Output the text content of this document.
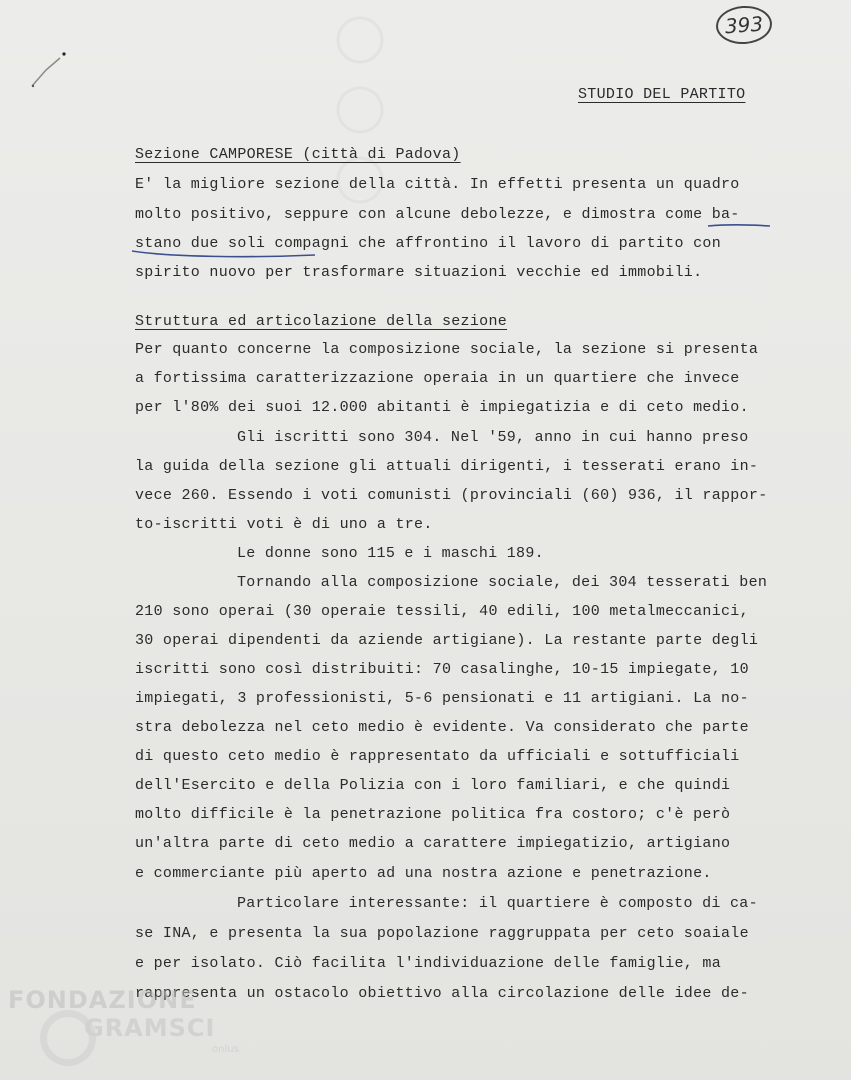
393
STUDIO DEL PARTITO
Sezione CAMPORESE (città di Padova)
E' la migliore sezione della città. In effetti presenta un quadro
molto positivo, seppure con alcune debolezze, e dimostra come ba-
stano due soli compagni che affrontino il lavoro di partito con
spirito nuovo per trasformare situazioni vecchie ed immobili.
Struttura ed articolazione della sezione
Per quanto concerne la composizione sociale, la sezione si presenta
a fortissima caratterizzazione operaia in un quartiere che invece
per l'80% dei suoi 12.000 abitanti è impiegatizia e di ceto medio.
Gli iscritti sono 304. Nel '59, anno in cui hanno preso
la guida della sezione gli attuali dirigenti, i tesserati erano in-
vece 260. Essendo i voti comunisti (provinciali (60) 936, il rappor-
to-iscritti voti è di uno a tre.
Le donne sono 115 e i maschi 189.
Tornando alla composizione sociale, dei 304 tesserati ben
210 sono operai (30 operaie tessili, 40 edili, 100 metalmeccanici,
30 operai dipendenti da aziende artigiane). La restante parte degli
iscritti sono così distribuiti: 70 casalinghe, 10-15 impiegate, 10
impiegati, 3 professionisti, 5-6 pensionati e 11 artigiani. La no-
stra debolezza nel ceto medio è evidente. Va considerato che parte
di questo ceto medio è rappresentato da ufficiali e sottufficiali
dell'Esercito e della Polizia con i loro familiari, e che quindi
molto difficile è la penetrazione politica fra costoro; c'è però
un'altra parte di ceto medio a carattere impiegatizio, artigiano
e commerciante più aperto ad una nostra azione e penetrazione.
Particolare interessante: il quartiere è composto di ca-
se INA, e presenta la sua popolazione raggruppata per ceto soaiale
e per isolato. Ciò facilita l'individuazione delle famiglie, ma
rappresenta un ostacolo obiettivo alla circolazione delle idee de-
FONDAZIONE
GRAMSCI
onlus
